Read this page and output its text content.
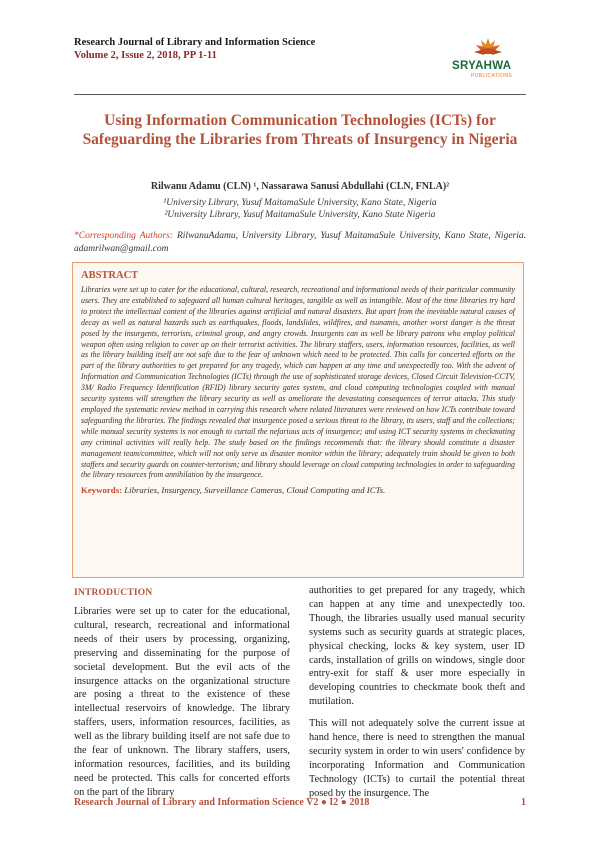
Research Journal of Library and Information Science
Volume 2, Issue 2, 2018, PP 1-11
SRYAHWA
PUBLICATIONS
Using Information Communication Technologies (ICTs) for Safeguarding the Libraries from Threats of Insurgency in Nigeria
Rilwanu Adamu (CLN) ¹, Nassarawa Sanusi Abdullahi (CLN, FNLA)²
¹University Library, Yusuf MaitamaSule University, Kano State, Nigeria
²University Library, Yusuf MaitamaSule University, Kano State Nigeria
*Corresponding Authors: RilwanuAdamu, University Library, Yusuf MaitamaSule University, Kano State, Nigeria. adamrilwan@gmail.com
ABSTRACT
Libraries were set up to cater for the educational, cultural, research, recreational and informational needs of their particular community users. They are established to safeguard all human cultural heritages, tangible as well as intangible. Most of the time libraries try hard to protect the intellectual content of the libraries against artificial and natural disasters. But apart from the inevitable natural causes of decay as well as natural hazards such as earthquakes, floods, landslides, wildfires, and tsunamis, another worst danger is the threat posed by the insurgents, terrorists, criminal group, and angry crowds. Insurgents can as well be library patrons who employ political weapon often using religion to cover up on their terrorist activities. The library staffers, users, information resources, facilities, as well as the library building itself are not safe due to the fear of unknown which need to be protected. This calls for concerted efforts on the part of the library authorities to get prepared for any tragedy, which can happen at any time and unexpectedly too. With the advent of Information and Communication Technologies (ICTs) through the use of sophisticated storage devices, Closed Circuit Television-CCTV, 3M/ Radio Frequency Identification (RFID) library security gates system, and cloud computing technologies coupled with manual security systems will strengthen the library security as well as ameliorate the devastating consequences of terror attacks. This study employed the systematic review method in carrying this research where related literatures were reviewed on how ICTs contribute toward safeguarding the libraries. The findings revealed that insurgence posed a serious threat to the library, its users, staff and the collections; while manual security systems is not enough to curtail the nefarious acts of insurgence; and using ICT security systems in checkmating any criminal activities will really help. The study based on the findings recommends that: the library should constitute a disaster management team/committee, which will not only serve as disaster monitor within the library; adequately train should be given to both staffers and security guards on counter-terrorism; and library should leverage on cloud computing technologies in order to safeguarding the library resources from annihilation by the insurgence.
Keywords: Libraries, Insurgency, Surveillance Cameras, Cloud Computing and ICTs.
INTRODUCTION

Libraries were set up to cater for the educational, cultural, research, recreational and informational needs of their users by processing, organizing, preserving and disseminating for the purpose of societal development. But the evil acts of the insurgence attacks on the organizational structure are posing a threat to the existence of these intellectual reservoirs of knowledge. The library staffers, users, information resources, facilities, as well as the library building itself are not safe due to the fear of unknown. The library staffers, users, information resources, facilities, and its building need be protected. This calls for concerted efforts on the part of the library

authorities to get prepared for any tragedy, which can happen at any time and unexpectedly too. Though, the libraries usually used manual security systems such as security guards at strategic places, physical checking, locks & key system, user ID cards, installation of grills on windows, single door entry-exit for staff & user more especially in developing countries to checkmate book theft and mutilation.

This will not adequately solve the current issue at hand hence, there is need to strengthen the manual security system in order to win users' confidence by incorporating Information and Communication Technology (ICTs) to curtail the potential threat posed by the insurgence. The

Research Journal of Library and Information Science V2 ● I2 ● 2018	1
